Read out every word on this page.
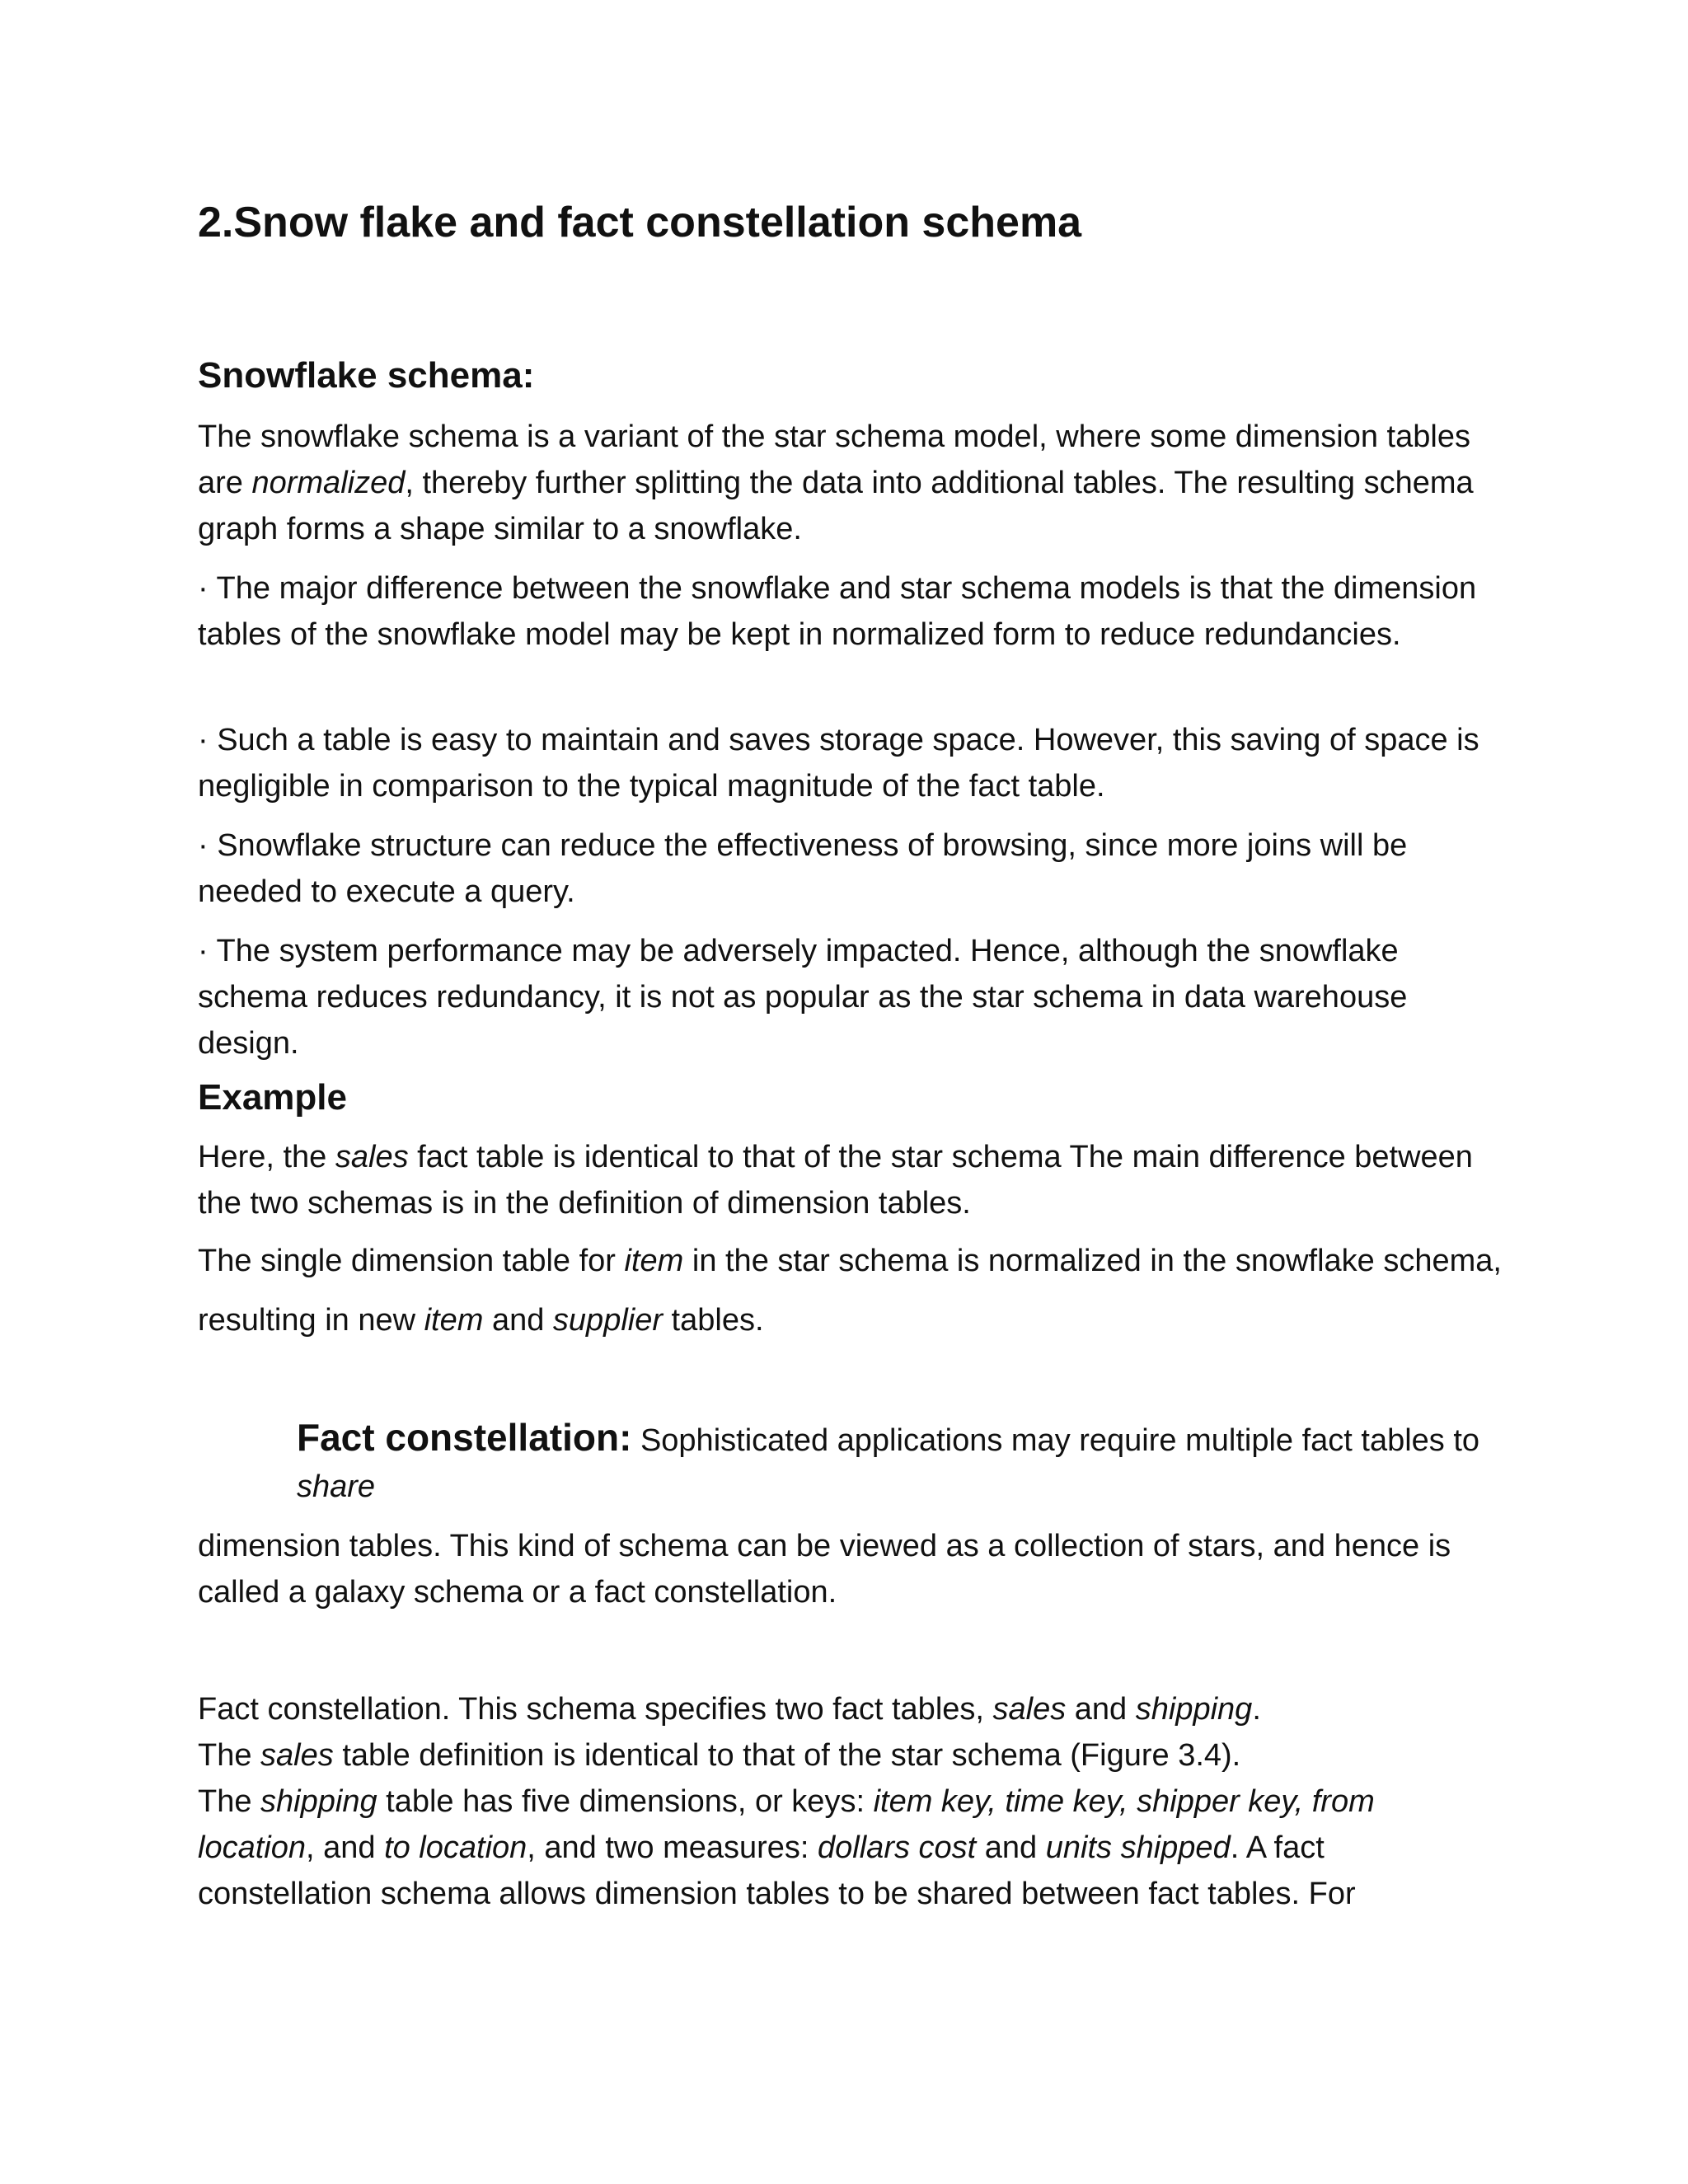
2.Snow flake and fact constellation schema
Snowflake schema:

The snowflake schema is a variant of the star schema model, where some dimension tables are normalized, thereby further splitting the data into additional tables. The resulting schema graph forms a shape similar to a snowflake.

· The major difference between the snowflake and star schema models is that the dimension tables of the snowflake model may be kept in normalized form to reduce redundancies.

· Such a table is easy to maintain and saves storage space. However, this saving of space is negligible in comparison to the typical magnitude of the fact table.

· Snowflake structure can reduce the effectiveness of browsing, since more joins will be needed to execute a query.

· The system performance may be adversely impacted. Hence, although the snowflake schema reduces redundancy, it is not as popular as the star schema in data warehouse design.

Example

Here, the sales fact table is identical to that of the star schema The main difference between the two schemas is in the definition of dimension tables.

The single dimension table for item in the star schema is normalized in the snowflake schema, resulting in new item and supplier tables.

Fact constellation: Sophisticated applications may require multiple fact tables to share

dimension tables. This kind of schema can be viewed as a collection of stars, and hence is called a galaxy schema or a fact constellation.

Fact constellation. This schema specifies two fact tables, sales and shipping.
The sales table definition is identical to that of the star schema (Figure 3.4).
The shipping table has five dimensions, or keys: item key, time key, shipper key, from
location, and to location, and two measures: dollars cost and units shipped. A fact
constellation schema allows dimension tables to be shared between fact tables. For
